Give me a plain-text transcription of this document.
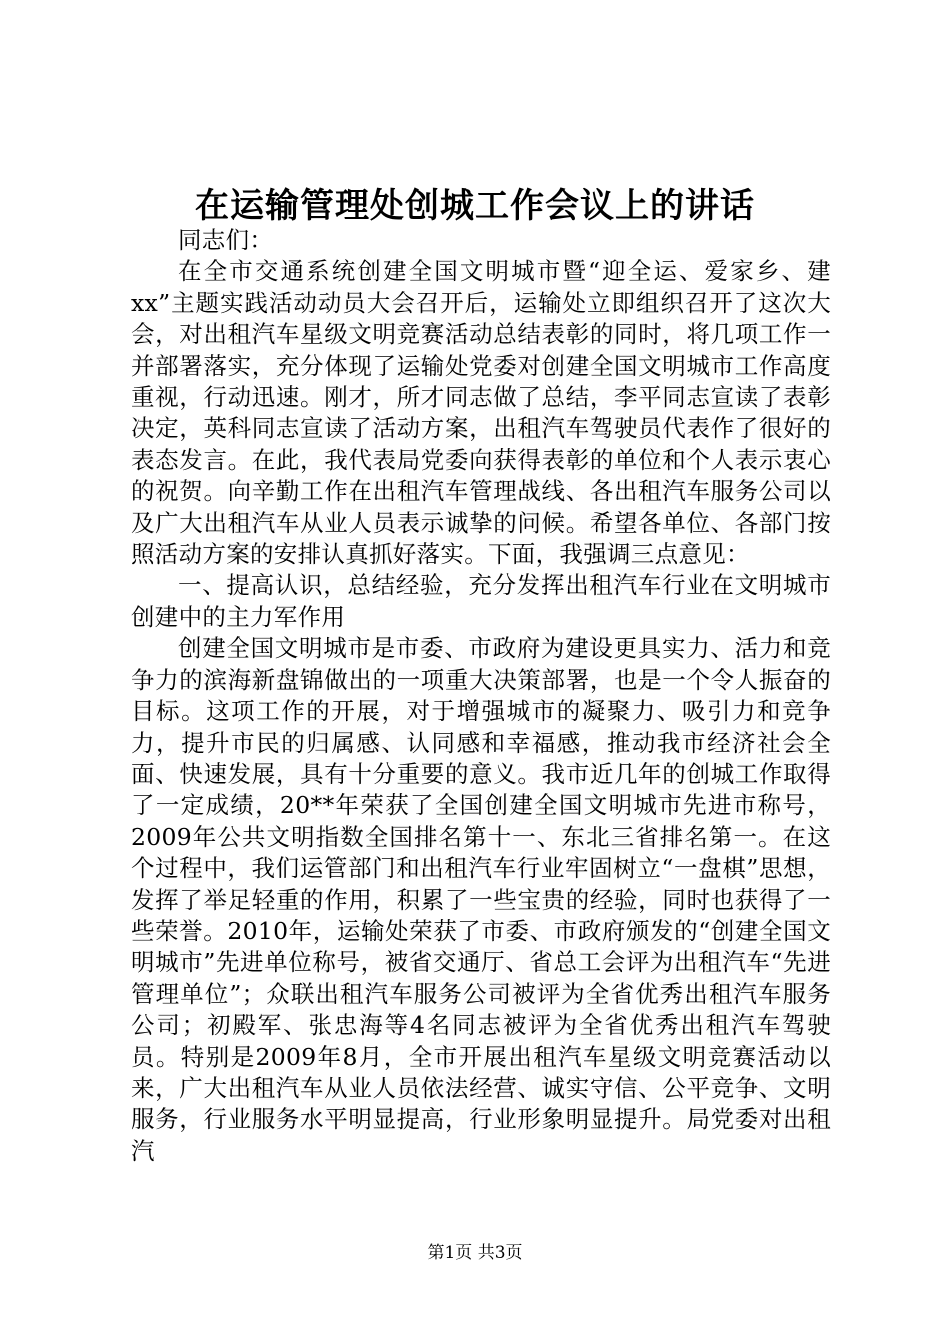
在运输管理处创城工作会议上的讲话

同志们：

在全市交通系统创建全国文明城市暨“迎全运、爱家乡、建xx”主题实践活动动员大会召开后，运输处立即组织召开了这次大会，对出租汽车星级文明竞赛活动总结表彰的同时，将几项工作一并部署落实，充分体现了运输处党委对创建全国文明城市工作高度重视，行动迅速。刚才，所才同志做了总结，李平同志宣读了表彰决定，英科同志宣读了活动方案，出租汽车驾驶员代表作了很好的表态发言。在此，我代表局党委向获得表彰的单位和个人表示衷心的祝贺。向辛勤工作在出租汽车管理战线、各出租汽车服务公司以及广大出租汽车从业人员表示诚挚的问候。希望各单位、各部门按照活动方案的安排认真抓好落实。下面，我强调三点意见：

一、提高认识，总结经验，充分发挥出租汽车行业在文明城市创建中的主力军作用

创建全国文明城市是市委、市政府为建设更具实力、活力和竞争力的滨海新盘锦做出的一项重大决策部署，也是一个令人振奋的目标。这项工作的开展，对于增强城市的凝聚力、吸引力和竞争力，提升市民的归属感、认同感和幸福感，推动我市经济社会全面、快速发展，具有十分重要的意义。我市近几年的创城工作取得了一定成绩，20**年荣获了全国创建全国文明城市先进市称号，2009年公共文明指数全国排名第十一、东北三省排名第一。在这个过程中，我们运管部门和出租汽车行业牢固树立“一盘棋”思想，发挥了举足轻重的作用，积累了一些宝贵的经验，同时也获得了一些荣誉。2010年，运输处荣获了市委、市政府颁发的“创建全国文明城市”先进单位称号，被省交通厅、省总工会评为出租汽车“先进管理单位”；众联出租汽车服务公司被评为全省优秀出租汽车服务公司；初殿军、张忠海等4名同志被评为全省优秀出租汽车驾驶员。特别是2009年8月，全市开展出租汽车星级文明竞赛活动以来，广大出租汽车从业人员依法经营、诚实守信、公平竞争、文明服务，行业服务水平明显提高，行业形象明显提升。局党委对出租汽

第1页 共3页
